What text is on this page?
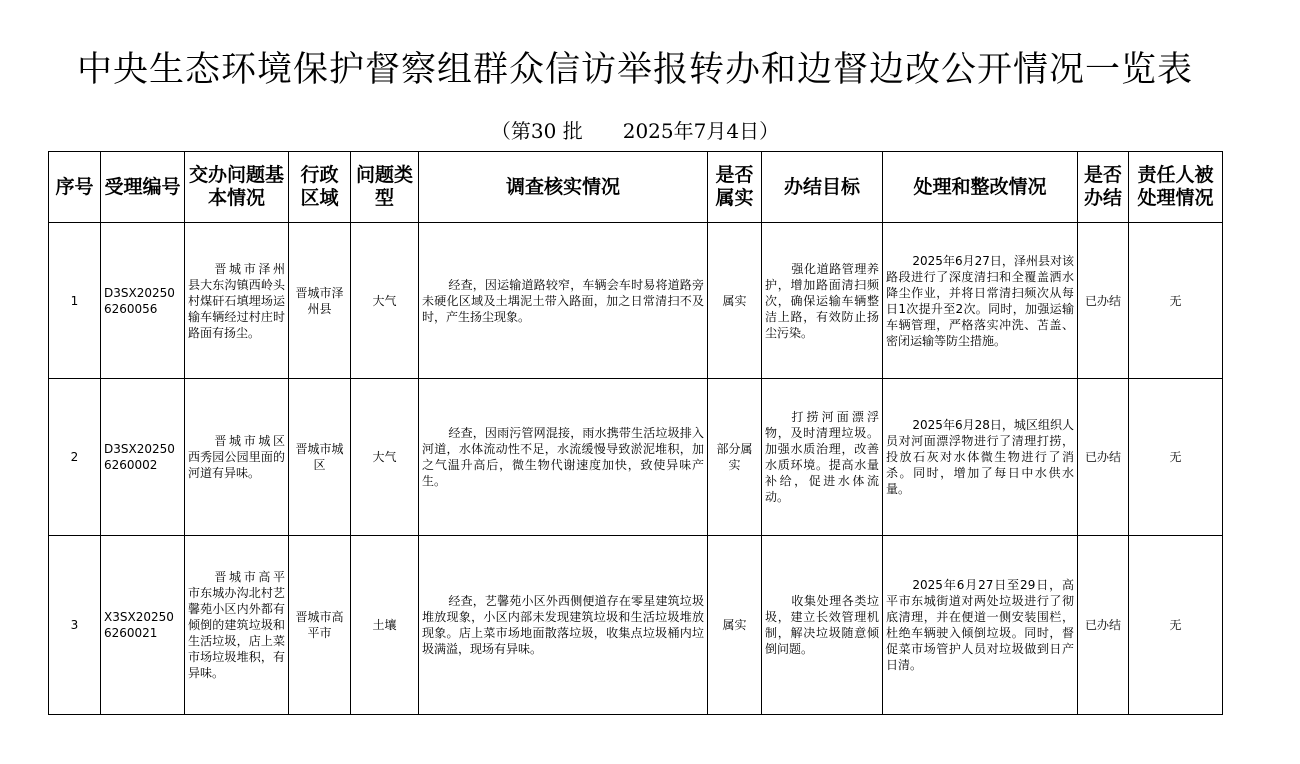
中央生态环境保护督察组群众信访举报转办和边督边改公开情况一览表
（第30 批　　2025年7月4日）
序号	受理编号	交办问题基本情况	行政区域	问题类型	调查核实情况	是否属实	办结目标	处理和整改情况	是否办结	责任人被处理情况
1	D3SX202506260056	晋城市泽州县大东沟镇西岭头村煤矸石填埋场运输车辆经过村庄时路面有扬尘。	晋城市泽州县	大气	经查，因运输道路较窄，车辆会车时易将道路旁未硬化区域及土堣泥土带入路面，加之日常清扫不及时，产生扬尘现象。	属实	强化道路管理养护，增加路面清扫频次，确保运输车辆整洁上路，有效防止扬尘污染。	2025年6月27日，泽州县对该路段进行了深度清扫和全覆盖洒水降尘作业，并将日常清扫频次从每日1次提升至2次。同时，加强运输车辆管理，严格落实冲洗、苫盖、密闭运输等防尘措施。	已办结	无
2	D3SX202506260002	晋城市城区西秀园公园里面的河道有异味。	晋城市城区	大气	经查，因雨污管网混接，雨水携带生活垃圾排入河道，水体流动性不足，水流缓慢导致淤泥堆积，加之气温升高后，微生物代谢速度加快，致使异味产生。	部分属实	打捞河面漂浮物，及时清理垃圾。加强水质治理，改善水质环境。提高水量补给，促进水体流动。	2025年6月28日，城区组织人员对河面漂浮物进行了清理打捞，投放石灰对水体微生物进行了消杀。同时，增加了每日中水供水量。	已办结	无
3	X3SX202506260021	晋城市高平市东城办沟北村艺馨苑小区内外都有倾倒的建筑垃圾和生活垃圾，店上菜市场垃圾堆积，有异味。	晋城市高平市	土壤	经查，艺馨苑小区外西侧便道存在零星建筑垃圾堆放现象，小区内部未发现建筑垃圾和生活垃圾堆放现象。店上菜市场地面散落垃圾，收集点垃圾桶内垃圾满溢，现场有异味。	属实	收集处理各类垃圾，建立长效管理机制，解决垃圾随意倾倒问题。	2025年6月27日至29日，高平市东城街道对两处垃圾进行了彻底清理，并在便道一侧安装围栏，杜绝车辆驶入倾倒垃圾。同时，督促菜市场管护人员对垃圾做到日产日清。	已办结	无
